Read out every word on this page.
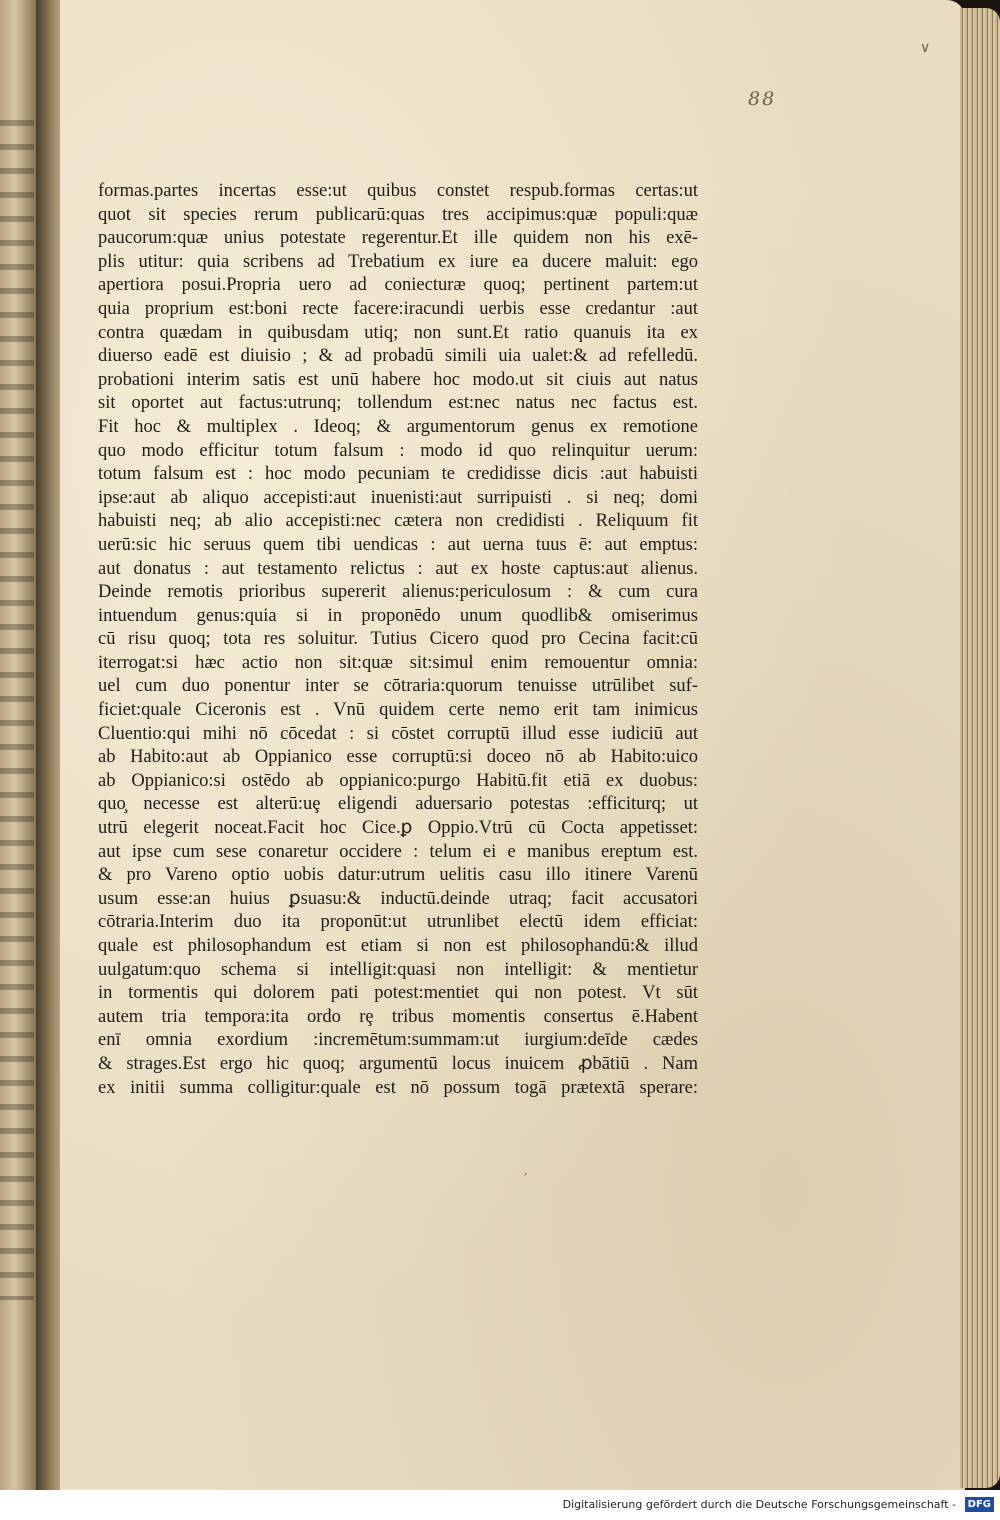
∨
88
formas.partes incertas esse:ut quibus constet respub.formas certas:ut
quot sit species rerum publicarū:quas tres accipimus:quæ populi:quæ
paucorum:quæ unius potestate regerentur.Et ille quidem non his exē-
plis utitur: quia scribens ad Trebatium ex iure ea ducere maluit: ego
apertiora posui.Propria uero ad coniecturæ quoq; pertinent partem:ut
quia proprium est:boni recte facere:iracundi uerbis esse credantur :aut
contra quædam in quibusdam utiq; non sunt.Et ratio quanuis ita ex
diuerso eadē est diuisio ; & ad probadū simili uia ualet:& ad refelledū.
probationi interim satis est unū habere hoc modo.ut sit ciuis aut natus
sit oportet aut factus:utrunq; tollendum est:nec natus nec factus est.
Fit hoc & multiplex . Ideoq; & argumentorum genus ex remotione
quo modo efficitur totum falsum : modo id quo relinquitur uerum:
totum falsum est : hoc modo pecuniam te credidisse dicis :aut habuisti
ipse:aut ab aliquo accepisti:aut inuenisti:aut surripuisti . si neq; domi
habuisti neq; ab alio accepisti:nec cætera non credidisti . Reliquum fit
uerū:sic hic seruus quem tibi uendicas : aut uerna tuus ē: aut emptus:
aut donatus : aut testamento relictus : aut ex hoste captus:aut alienus.
Deinde remotis prioribus supererit alienus:periculosum : & cum cura
intuendum genus:quia si in proponēdo unum quodlib& omiserimus
cū risu quoq; tota res soluitur. Tutius Cicero quod pro Cecina facit:cū
iterrogat:si hæc actio non sit:quæ sit:simul enim remouentur omnia:
uel cum duo ponentur inter se cōtraria:quorum tenuisse utrūlibet suf-
ficiet:quale Ciceronis est . Vnū quidem certe nemo erit tam inimicus
Cluentio:qui mihi nō cōcedat : si cōstet corruptū illud esse iudiciū aut
ab Habito:aut ab Oppianico esse corruptū:si doceo nō ab Habito:uico
ab Oppianico:si ostēdo ab oppianico:purgo Habitū.fit etiā ex duobus:
quo̧ necesse est alterū:uȩ eligendi aduersario potestas :efficiturq; ut
utrū elegerit noceat.Facit hoc Cice.ꝑ Oppio.Vtrū cū Cocta appetisset:
aut ipse cum sese conaretur occidere : telum ei e manibus ereptum est.
& pro Vareno optio uobis datur:utrum uelitis casu illo itinere Varenū
usum esse:an huius ꝑsuasu:& inductū.deinde utraq; facit accusatori
cōtraria.Interim duo ita proponūt:ut utrunlibet electū idem efficiat:
quale est philosophandum est etiam si non est philosophandū:& illud
uulgatum:quo schema si intelligit:quasi non intelligit: & mentietur
in tormentis qui dolorem pati potest:mentiet qui non potest. Vt sūt
autem tria tempora:ita ordo rȩ tribus momentis consertus ē.Habent
enī omnia exordium :incremētum:summam:ut iurgium:deīde cædes
& strages.Est ergo hic quoq; argumentū locus inuicem ꝓbātiū . Nam
ex initii summa colligitur:quale est nō possum togā prætextā sperare:
ˊ
Digitalisierung gefördert durch die Deutsche Forschungsgemeinschaft -	DFG
